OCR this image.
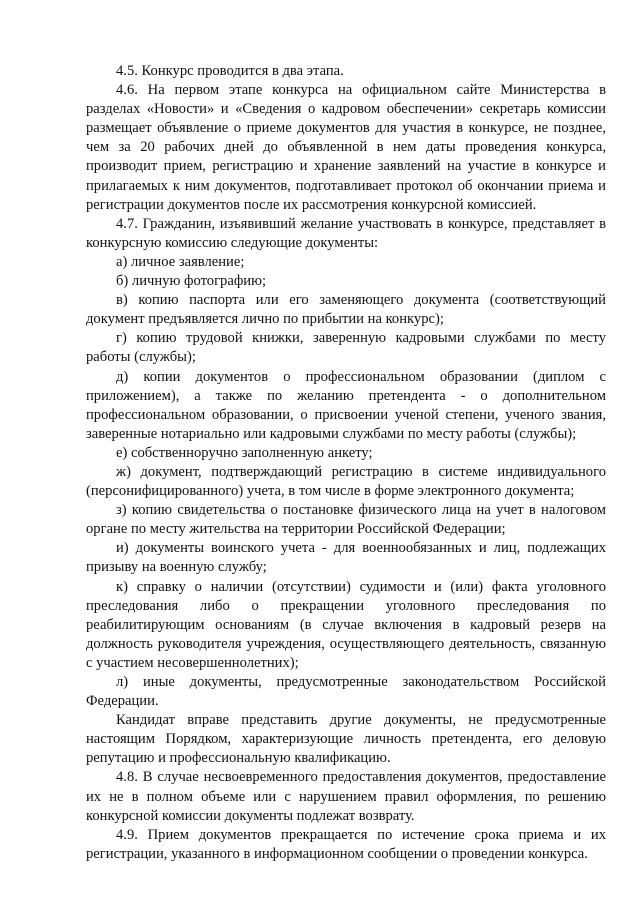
4.5. Конкурс проводится в два этапа.

4.6. На первом этапе конкурса на официальном сайте Министерства в разделах «Новости» и «Сведения о кадровом обеспечении» секретарь комиссии размещает объявление о приеме документов для участия в конкурсе, не позднее, чем за 20 рабочих дней до объявленной в нем даты проведения конкурса, производит прием, регистрацию и хранение заявлений на участие в конкурсе и прилагаемых к ним документов, подготавливает протокол об окончании приема и регистрации документов после их рассмотрения конкурсной комиссией.

4.7. Гражданин, изъявивший желание участвовать в конкурсе, представляет в конкурсную комиссию следующие документы:

а) личное заявление;

б) личную фотографию;

в) копию паспорта или его заменяющего документа (соответствующий документ предъявляется лично по прибытии на конкурс);

г) копию трудовой книжки, заверенную кадровыми службами по месту работы (службы);

д) копии документов о профессиональном образовании (диплом с приложением), а также по желанию претендента - о дополнительном профессиональном образовании, о присвоении ученой степени, ученого звания, заверенные нотариально или кадровыми службами по месту работы (службы);

е) собственноручно заполненную анкету;

ж) документ, подтверждающий регистрацию в системе индивидуального (персонифицированного) учета, в том числе в форме электронного документа;

з) копию свидетельства о постановке физического лица на учет в налоговом органе по месту жительства на территории Российской Федерации;

и) документы воинского учета - для военнообязанных и лиц, подлежащих призыву на военную службу;

к) справку о наличии (отсутствии) судимости и (или) факта уголовного преследования либо о прекращении уголовного преследования по реабилитирующим основаниям (в случае включения в кадровый резерв на должность руководителя учреждения, осуществляющего деятельность, связанную с участием несовершеннолетних);

л) иные документы, предусмотренные законодательством Российской Федерации.

Кандидат вправе представить другие документы, не предусмотренные настоящим Порядком, характеризующие личность претендента, его деловую репутацию и профессиональную квалификацию.

4.8. В случае несвоевременного предоставления документов, предоставление их не в полном объеме или с нарушением правил оформления, по решению конкурсной комиссии документы подлежат возврату.

4.9. Прием документов прекращается по истечение срока приема и их регистрации, указанного в информационном сообщении о проведении конкурса.
